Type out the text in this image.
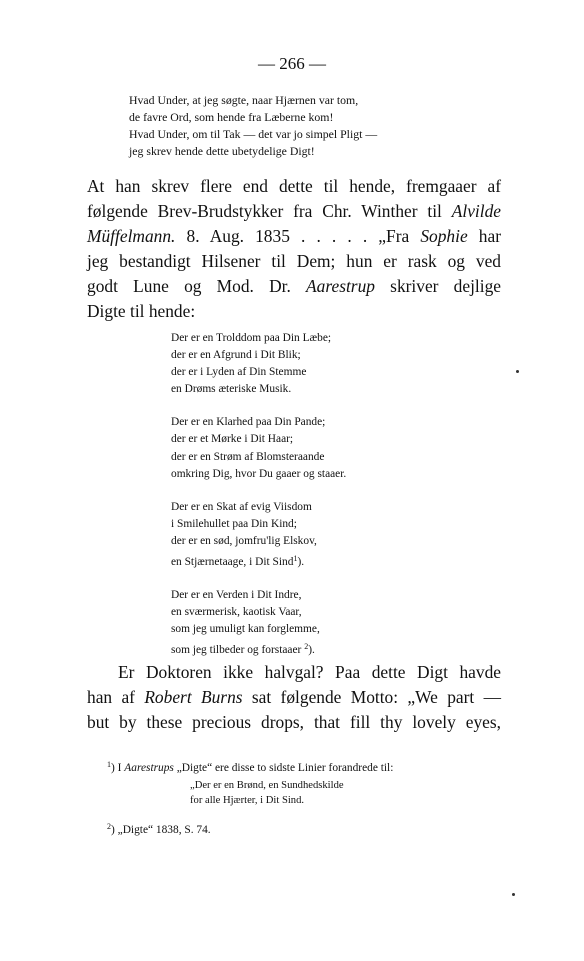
— 266 —
Hvad Under, at jeg søgte, naar Hjærnen var tom,
de favre Ord, som hende fra Læberne kom!
Hvad Under, om til Tak — det var jo simpel Pligt —
jeg skrev hende dette ubetydelige Digt!
At han skrev flere end dette til hende, fremgaaer af
følgende Brev-Brudstykker fra Chr. Winther til Alvilde
Müffelmann. 8. Aug. 1835 . . . . . „Fra Sophie har
jeg bestandigt Hilsener til Dem; hun er rask og ved
godt Lune og Mod. Dr. Aarestrup skriver dejlige
Digte til hende:
Der er en Trolddom paa Din Læbe;
der er en Afgrund i Dit Blik;
der er i Lyden af Din Stemme
en Drøms æteriske Musik.
Der er en Klarhed paa Din Pande;
der er et Mørke i Dit Haar;
der er en Strøm af Blomsteraande
omkring Dig, hvor Du gaaer og staaer.
Der er en Skat af evig Viisdom
i Smilehullet paa Din Kind;
der er en sød, jomfru'lig Elskov,
en Stjærnetaage, i Dit Sind$^1$).
Der er en Verden i Dit Indre,
en sværmerisk, kaotisk Vaar,
som jeg umuligt kan forglemme,
som jeg tilbeder og forstaaer $^2$).
Er Doktoren ikke halvgal? Paa dette Digt havde
han af Robert Burns sat følgende Motto: „We part —
but by these precious drops, that fill thy lovely eyes,
$^1$) I Aarestrups „Digte“ ere disse to sidste Linier forandrede til:
„Der er en Brønd, en Sundhedskilde
for alle Hjærter, i Dit Sind.
$^2$) „Digte“ 1838, S. 74.
